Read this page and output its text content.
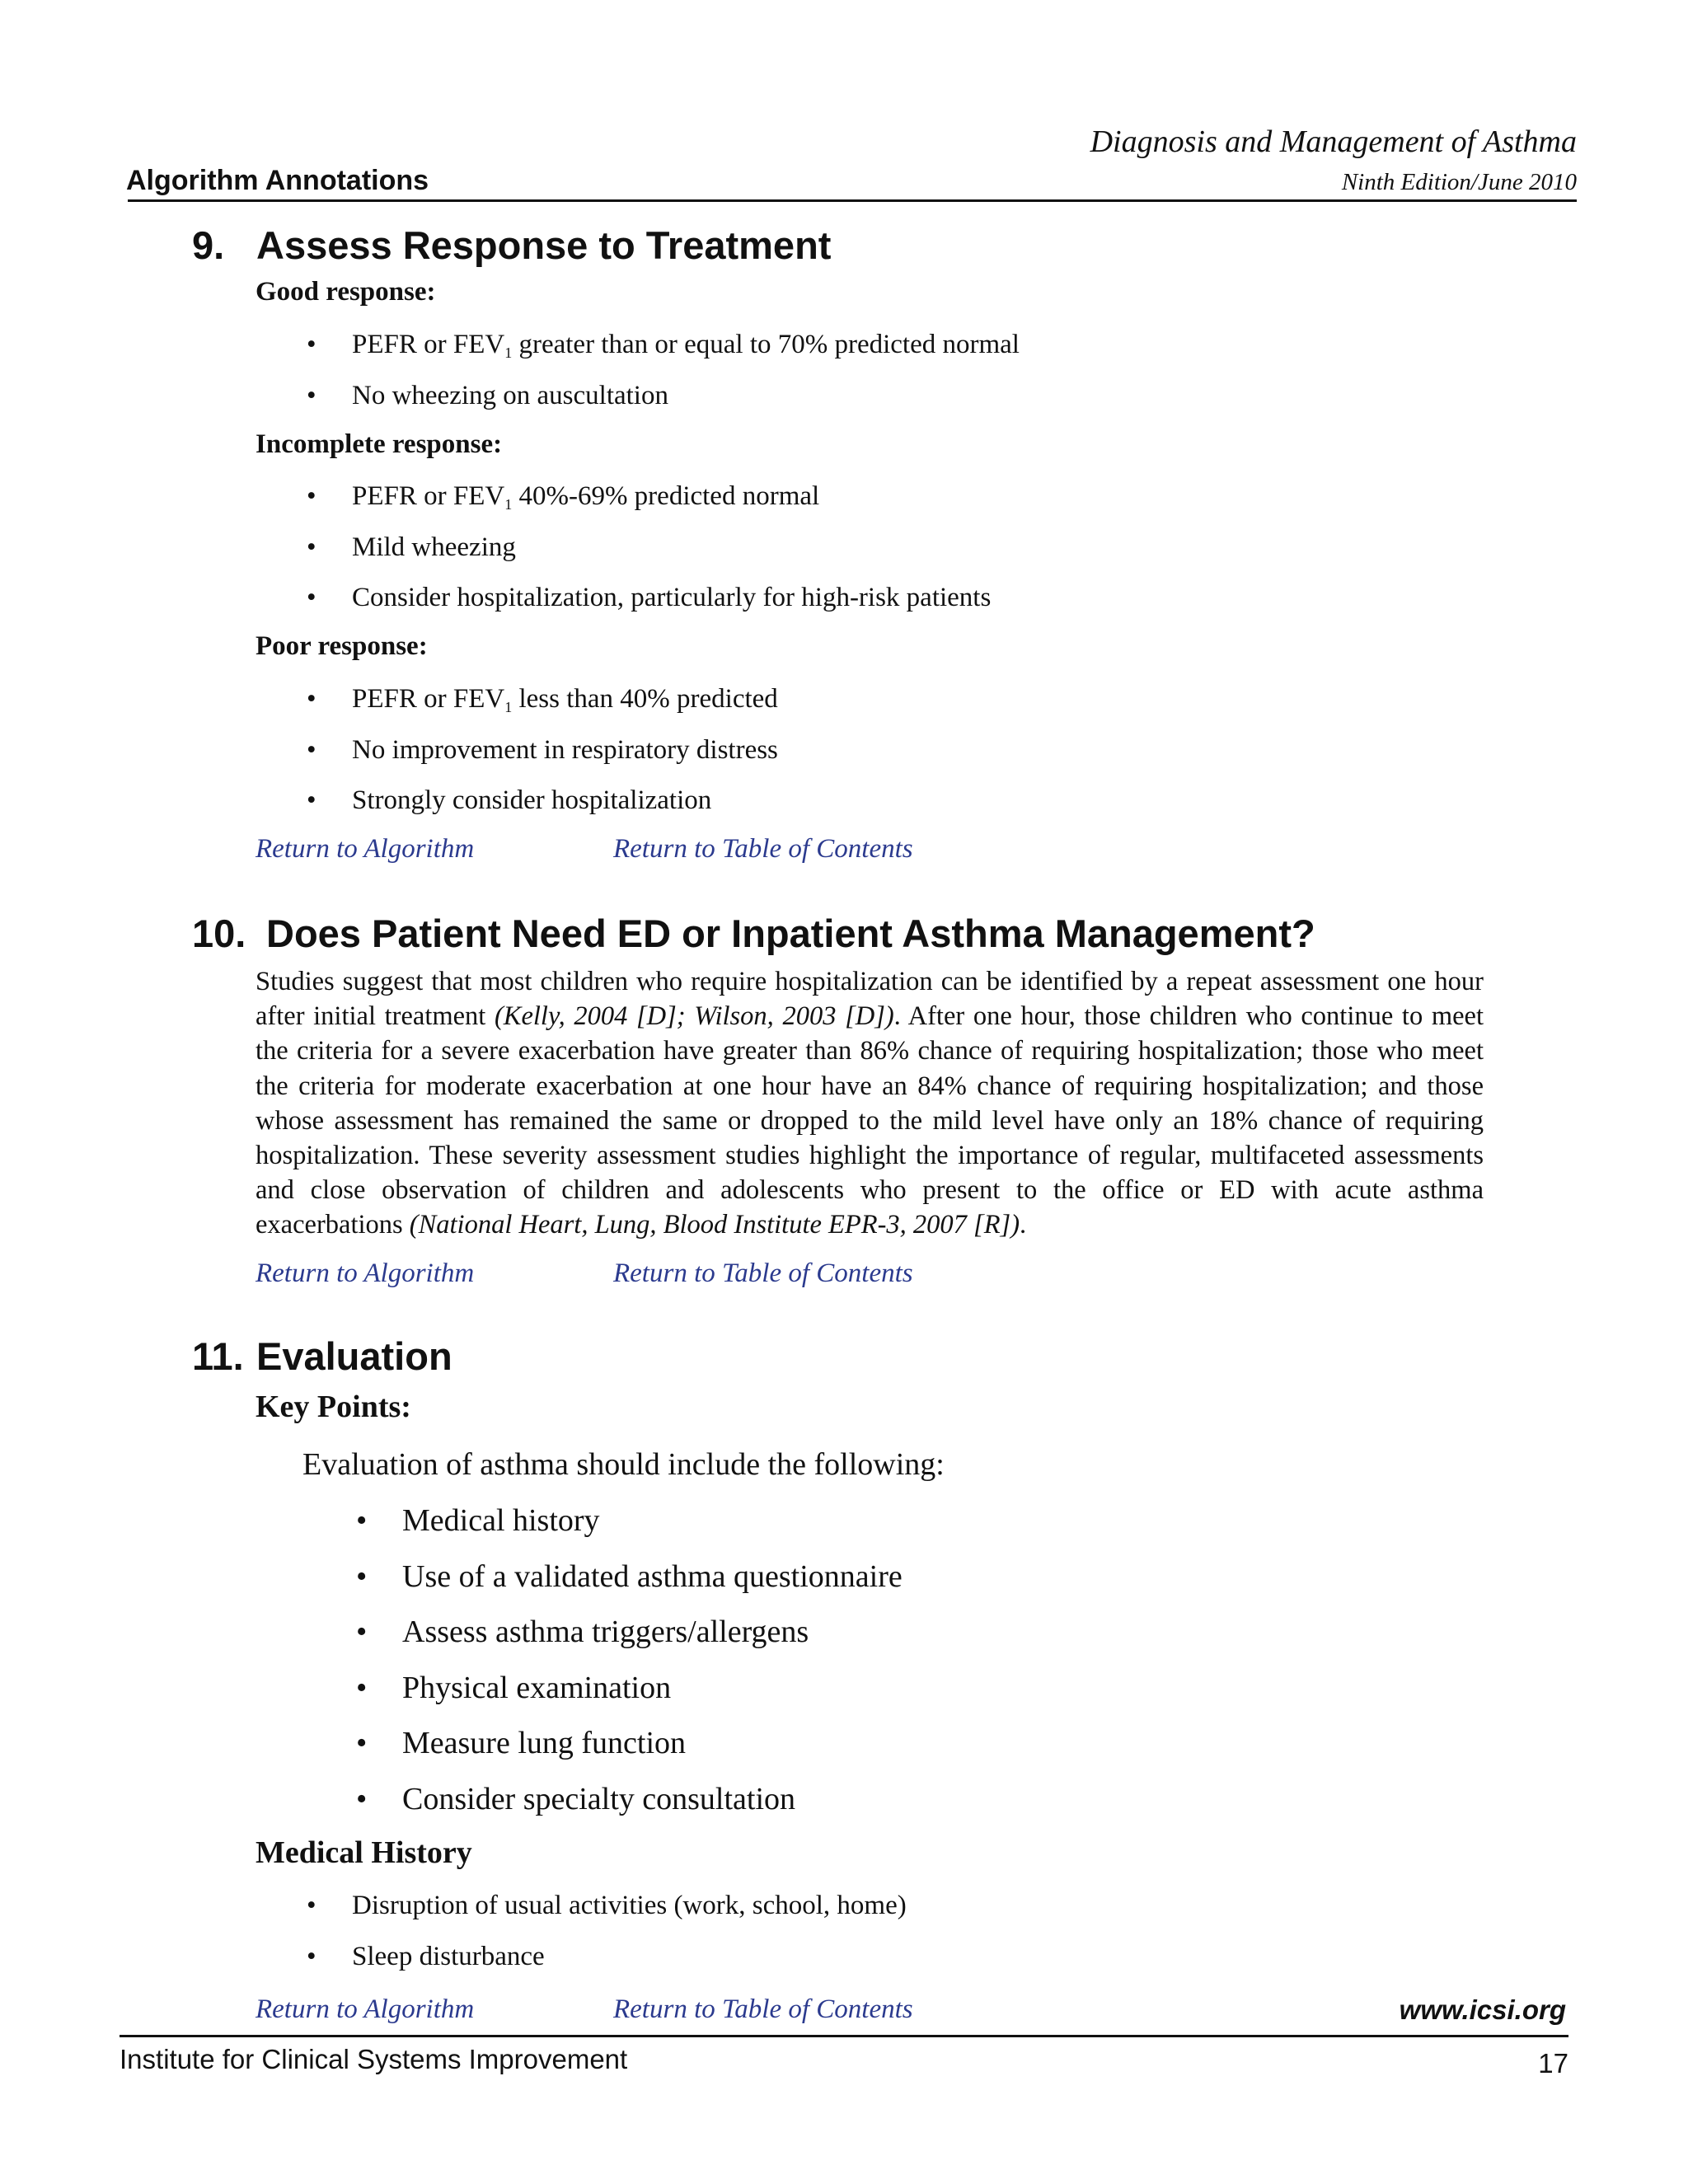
Diagnosis and Management of Asthma
Algorithm Annotations	Ninth Edition/June 2010
9. Assess Response to Treatment
Good response:
• PEFR or $FEV_1$ greater than or equal to 70% predicted normal
• No wheezing on auscultation
Incomplete response:
• PEFR or $FEV_1$ 40%-69% predicted normal
• Mild wheezing
• Consider hospitalization, particularly for high-risk patients
Poor response:
• PEFR or $FEV_1$ less than 40% predicted
• No improvement in respiratory distress
• Strongly consider hospitalization
Return to Algorithm	Return to Table of Contents
10. Does Patient Need ED or Inpatient Asthma Management?
Studies suggest that most children who require hospitalization can be identified by a repeat assessment one hour after initial treatment (Kelly, 2004 [D]; Wilson, 2003 [D]). After one hour, those children who continue to meet the criteria for a severe exacerbation have greater than 86% chance of requiring hospitalization; those who meet the criteria for moderate exacerbation at one hour have an 84% chance of requiring hospitalization; and those whose assessment has remained the same or dropped to the mild level have only an 18% chance of requiring hospitalization. These severity assessment studies highlight the importance of regular, multifaceted assessments and close observation of children and adolescents who present to the office or ED with acute asthma exacerbations (National Heart, Lung, Blood Institute EPR-3, 2007 [R]).
Return to Algorithm	Return to Table of Contents
11. Evaluation
Key Points:
Evaluation of asthma should include the following:
• Medical history
• Use of a validated asthma questionnaire
• Assess asthma triggers/allergens
• Physical examination
• Measure lung function
• Consider specialty consultation
Medical History
• Disruption of usual activities (work, school, home)
• Sleep disturbance
Return to Algorithm	Return to Table of Contents	www.icsi.org
Institute for Clinical Systems Improvement	17
